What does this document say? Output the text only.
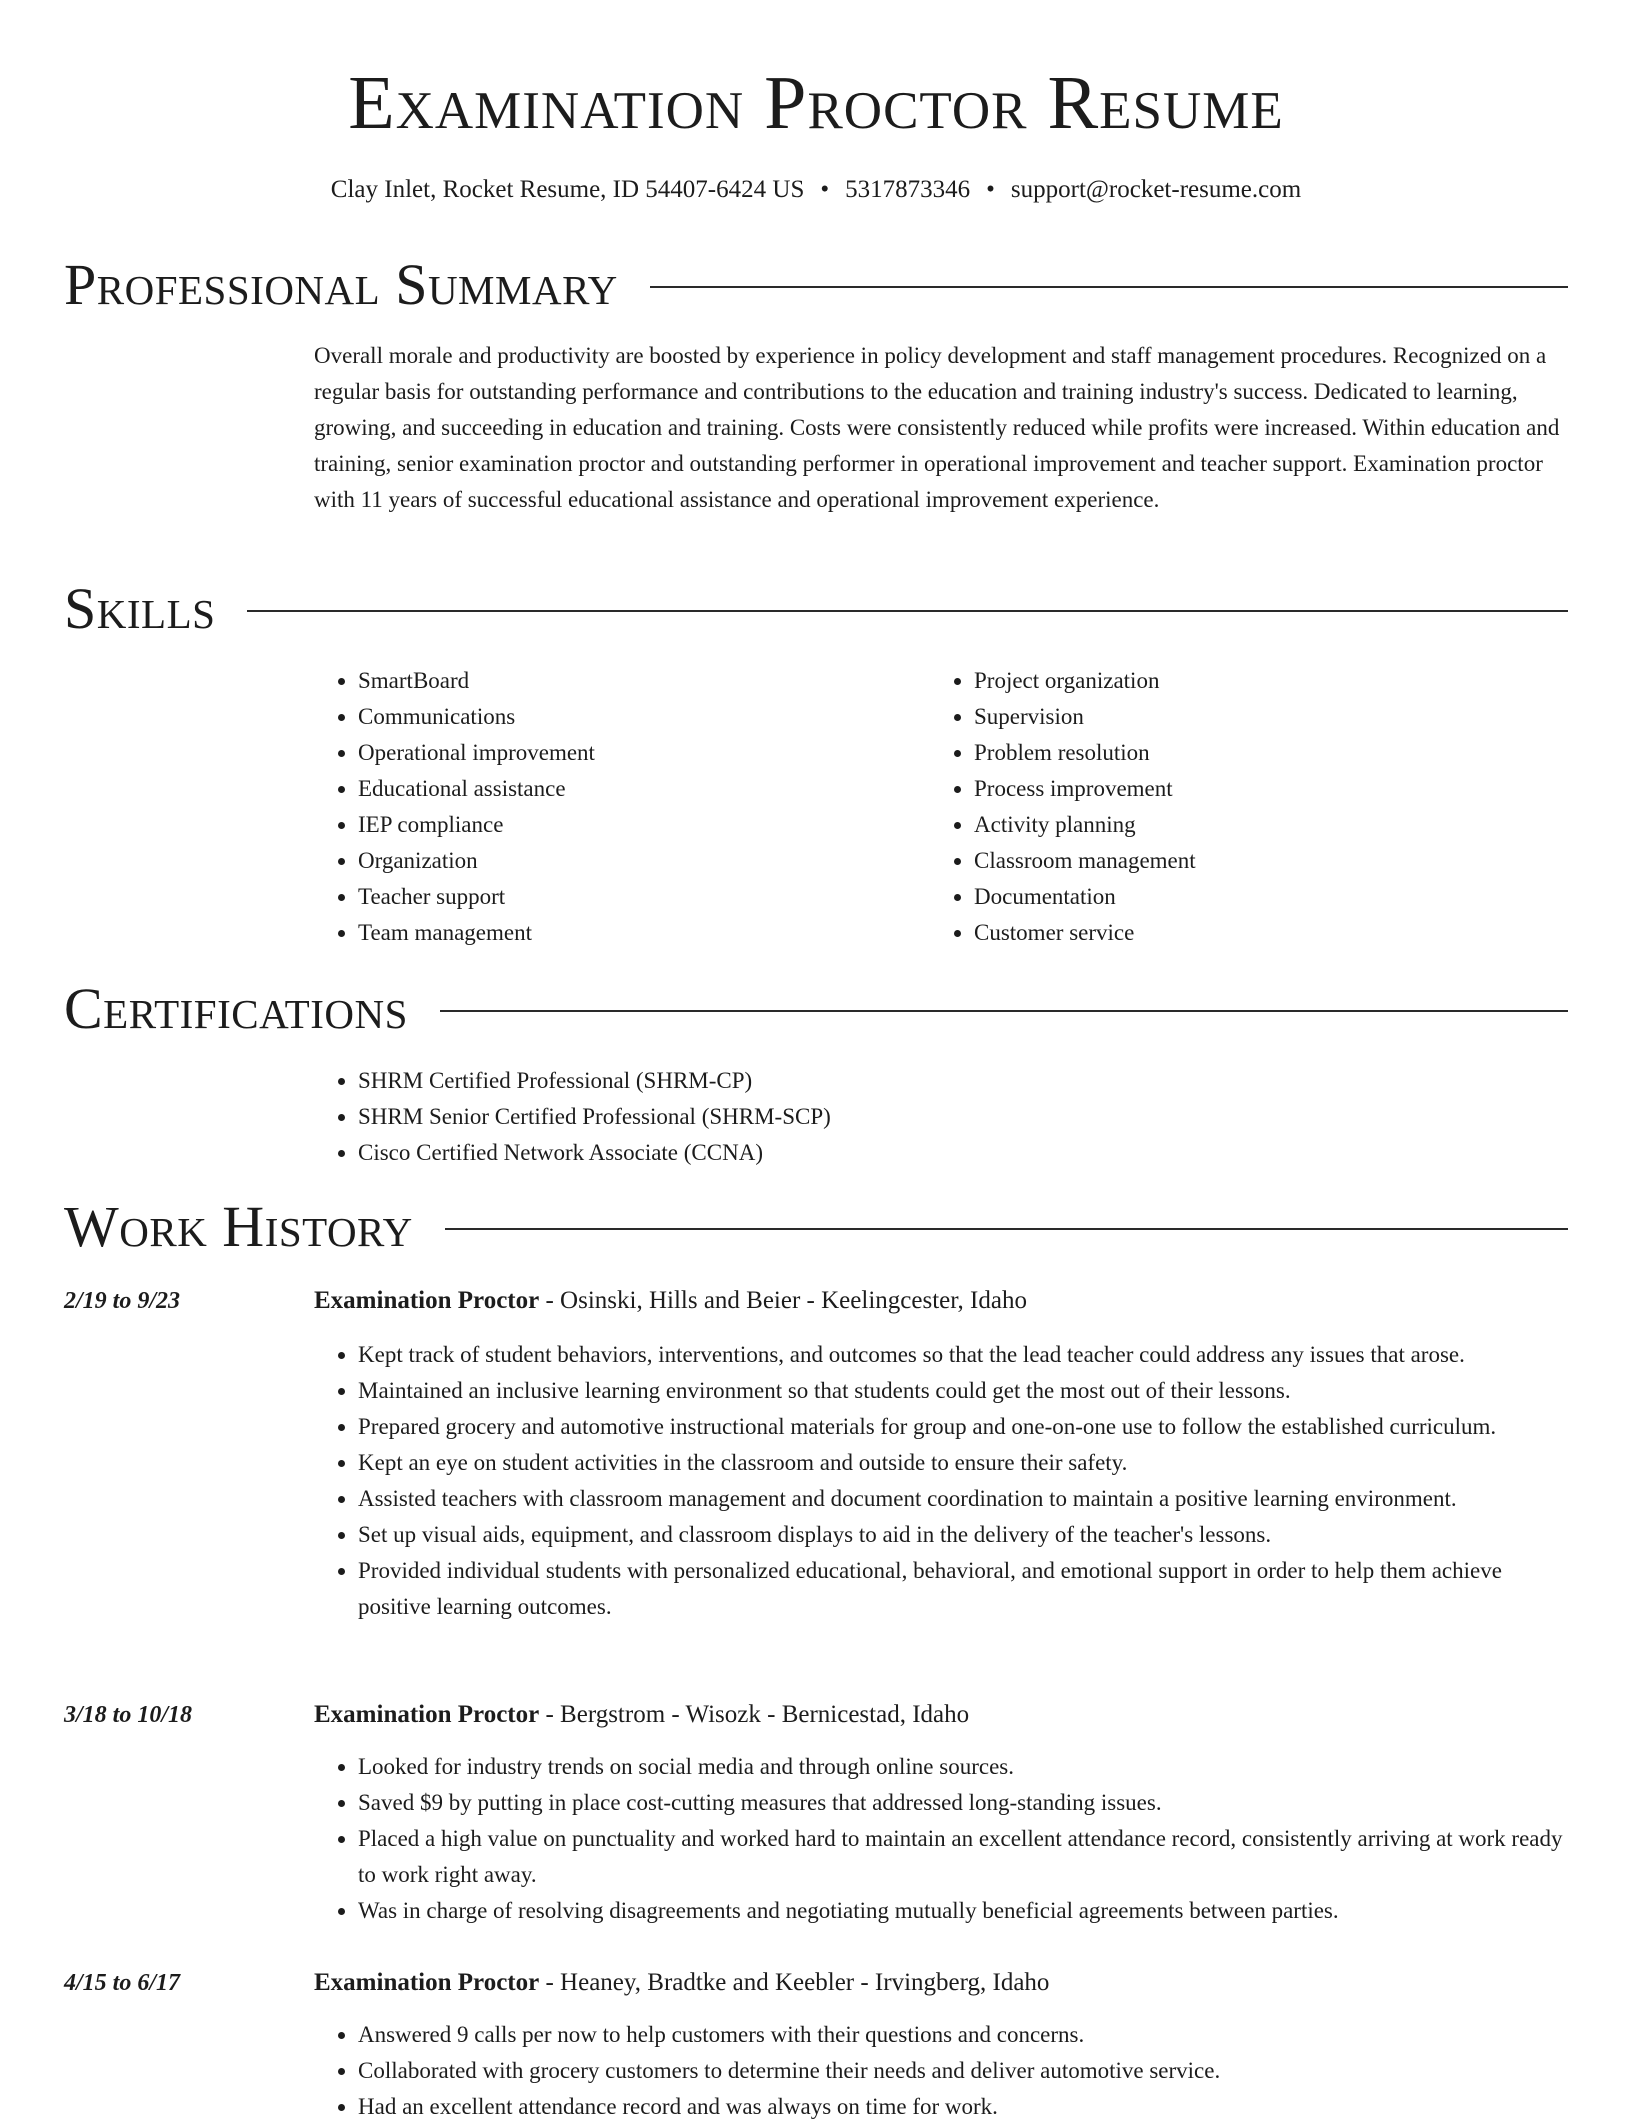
Examination Proctor Resume
Clay Inlet, Rocket Resume, ID 54407-6424 US • 5317873346 • support@rocket-resume.com
Professional Summary

Overall morale and productivity are boosted by experience in policy development and staff management procedures. Recognized on a regular basis for outstanding performance and contributions to the education and training industry's success. Dedicated to learning, growing, and succeeding in education and training. Costs were consistently reduced while profits were increased. Within education and training, senior examination proctor and outstanding performer in operational improvement and teacher support. Examination proctor with 11 years of successful educational assistance and operational improvement experience.

Skills
• SmartBoard
• Communications
• Operational improvement
• Educational assistance
• IEP compliance
• Organization
• Teacher support
• Team management
• Project organization
• Supervision
• Problem resolution
• Process improvement
• Activity planning
• Classroom management
• Documentation
• Customer service
Certifications
• SHRM Certified Professional (SHRM-CP)
• SHRM Senior Certified Professional (SHRM-SCP)
• Cisco Certified Network Associate (CCNA)
Work History
2/19 to 9/23	Examination Proctor - Osinski, Hills and Beier - Keelingcester, Idaho
• Kept track of student behaviors, interventions, and outcomes so that the lead teacher could address any issues that arose.
• Maintained an inclusive learning environment so that students could get the most out of their lessons.
• Prepared grocery and automotive instructional materials for group and one-on-one use to follow the established curriculum.
• Kept an eye on student activities in the classroom and outside to ensure their safety.
• Assisted teachers with classroom management and document coordination to maintain a positive learning environment.
• Set up visual aids, equipment, and classroom displays to aid in the delivery of the teacher's lessons.
• Provided individual students with personalized educational, behavioral, and emotional support in order to help them achieve positive learning outcomes.
3/18 to 10/18	Examination Proctor - Bergstrom - Wisozk - Bernicestad, Idaho
• Looked for industry trends on social media and through online sources.
• Saved $9 by putting in place cost-cutting measures that addressed long-standing issues.
• Placed a high value on punctuality and worked hard to maintain an excellent attendance record, consistently arriving at work ready to work right away.
• Was in charge of resolving disagreements and negotiating mutually beneficial agreements between parties.
4/15 to 6/17	Examination Proctor - Heaney, Bradtke and Keebler - Irvingberg, Idaho
• Answered 9 calls per now to help customers with their questions and concerns.
• Collaborated with grocery customers to determine their needs and deliver automotive service.
• Had an excellent attendance record and was always on time for work.
